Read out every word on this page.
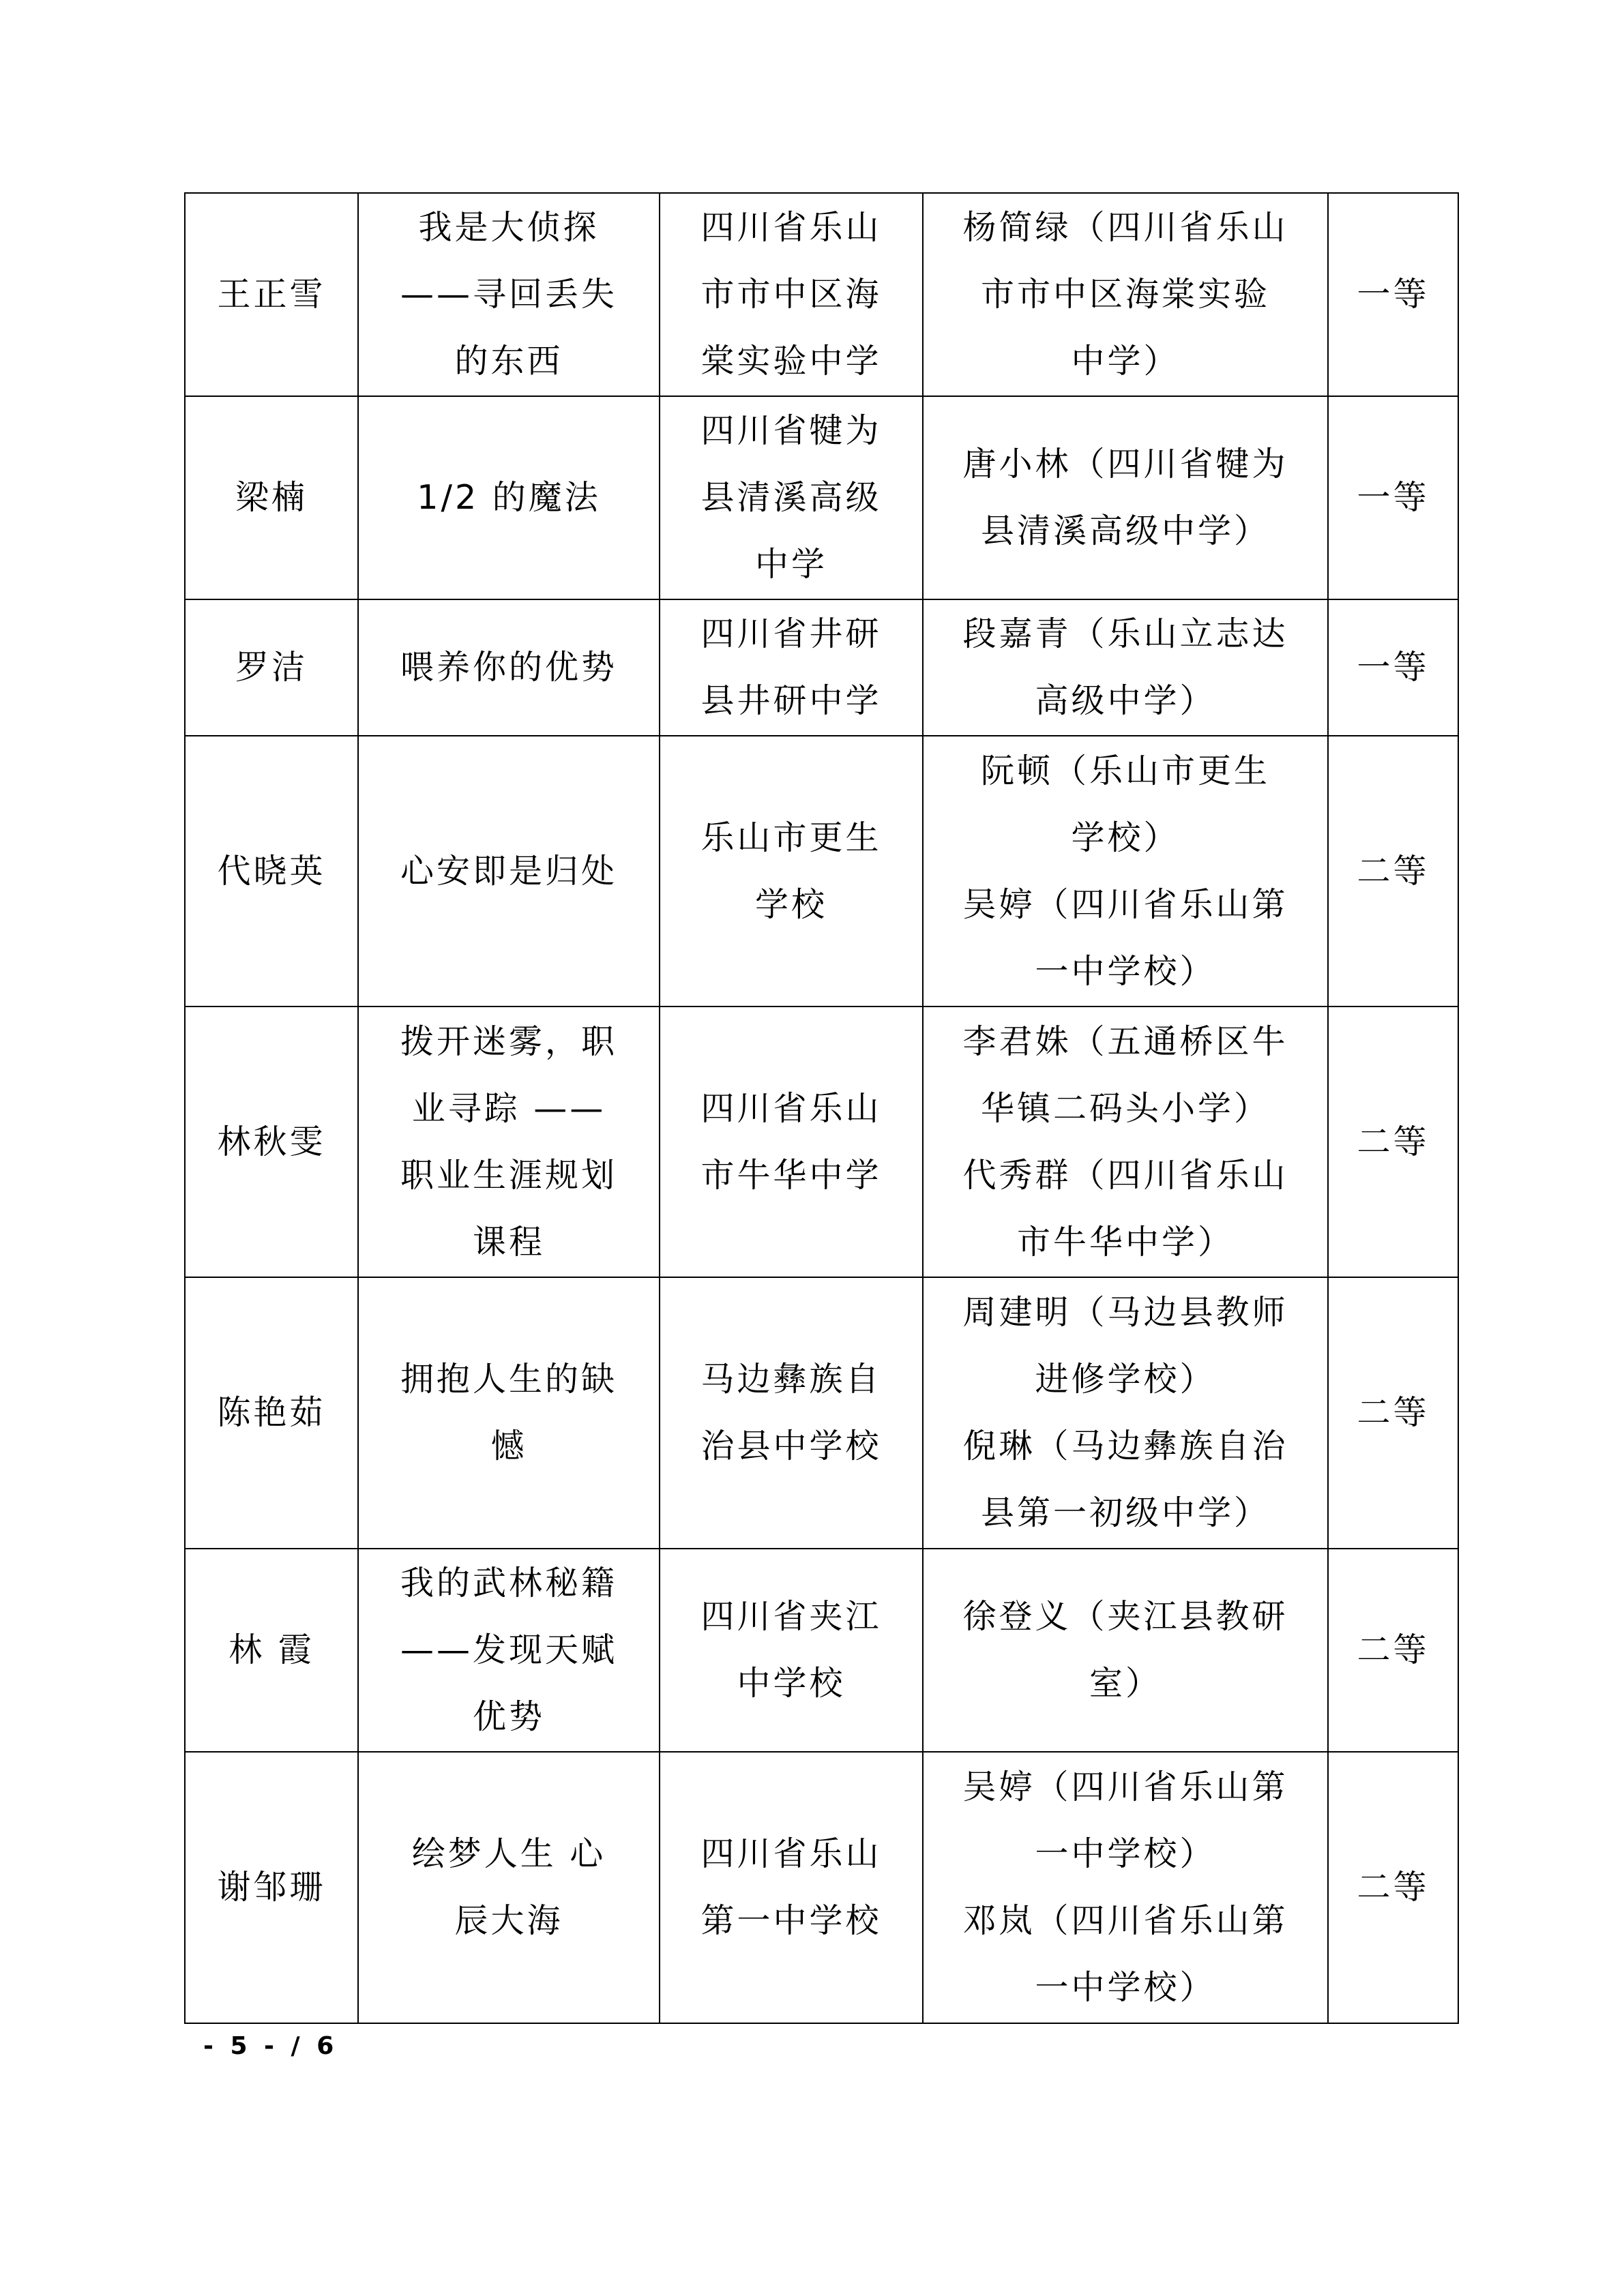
王正雪	我是大侦探
——寻回丢失
的东西	四川省乐山
市市中区海
棠实验中学	杨简绿（四川省乐山
市市中区海棠实验
中学）	一等
梁楠	1/2 的魔法	四川省犍为
县清溪高级
中学	唐小林（四川省犍为
县清溪高级中学）	一等
罗洁	喂养你的优势	四川省井研
县井研中学	段嘉青（乐山立志达
高级中学）	一等
代晓英	心安即是归处	乐山市更生
学校	阮顿（乐山市更生
学校）
吴婷（四川省乐山第
一中学校）	二等
林秋雯	拨开迷雾，职
业寻踪 ——
职业生涯规划
课程	四川省乐山
市牛华中学	李君姝（五通桥区牛
华镇二码头小学）
代秀群（四川省乐山
市牛华中学）	二等
陈艳茹	拥抱人生的缺
憾	马边彝族自
治县中学校	周建明（马边县教师
进修学校）
倪琳（马边彝族自治
县第一初级中学）	二等
林 霞	我的武林秘籍
——发现天赋
优势	四川省夹江
中学校	徐登义（夹江县教研
室）	二等
谢邹珊	绘梦人生 心
辰大海	四川省乐山
第一中学校	吴婷（四川省乐山第
一中学校）
邓岚（四川省乐山第
一中学校）	二等
- 5 - / 6
